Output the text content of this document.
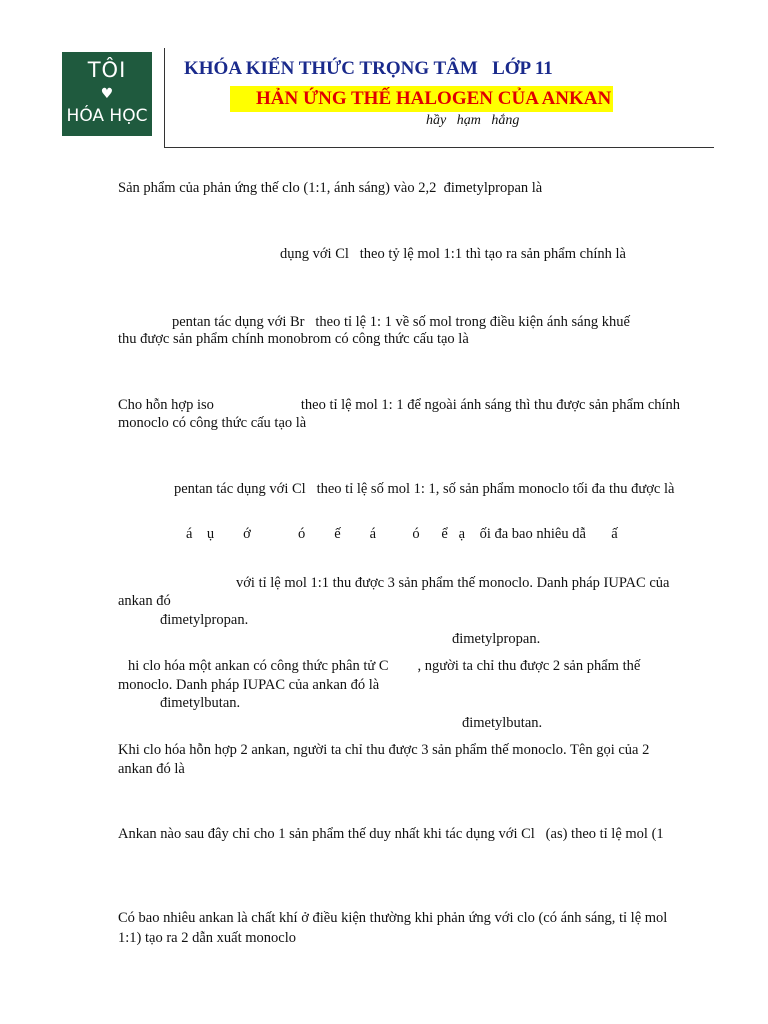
TÔI
♥
HÓA HỌC
KHÓA KIẾN THỨC TRỌNG TÂM   LỚP 11
HẢN ỨNG THẾ HALOGEN CỦA ANKAN
hầy   hạm   hắng
Sản phẩm của phản ứng thế clo (1:1, ánh sáng) vào 2,2  đimetylpropan là
dụng với Cl   theo tỷ lệ mol 1:1 thì tạo ra sản phẩm chính là
pentan tác dụng với Br   theo tỉ lệ 1: 1 về số mol trong điều kiện ánh sáng khuế
thu được sản phẩm chính monobrom có công thức cấu tạo là
Cho hỗn hợp iso                        theo tỉ lệ mol 1: 1 để ngoài ánh sáng thì thu được sản phẩm chính
monoclo có công thức cấu tạo là
pentan tác dụng với Cl   theo tỉ lệ số mol 1: 1, số sản phẩm monoclo tối đa thu được là
á    ụ        ớ             ó        ế        á          ó      ể   ạ    ối đa bao nhiêu dẫ       ấ
với tỉ lệ mol 1:1 thu được 3 sản phẩm thế monoclo. Danh pháp IUPAC của
ankan đó
đimetylpropan.
đimetylpropan.
hi clo hóa một ankan có công thức phân tử C        , người ta chỉ thu được 2 sản phẩm thế
monoclo. Danh pháp IUPAC của ankan đó là
đimetylbutan.
đimetylbutan.
Khi clo hóa hỗn hợp 2 ankan, người ta chỉ thu được 3 sản phẩm thế monoclo. Tên gọi của 2
ankan đó là
Ankan nào sau đây chỉ cho 1 sản phẩm thế duy nhất khi tác dụng với Cl   (as) theo tỉ lệ mol (1
Có bao nhiêu ankan là chất khí ở điều kiện thường khi phản ứng với clo (có ánh sáng, tỉ lệ mol
1:1) tạo ra 2 dẫn xuất monoclo
